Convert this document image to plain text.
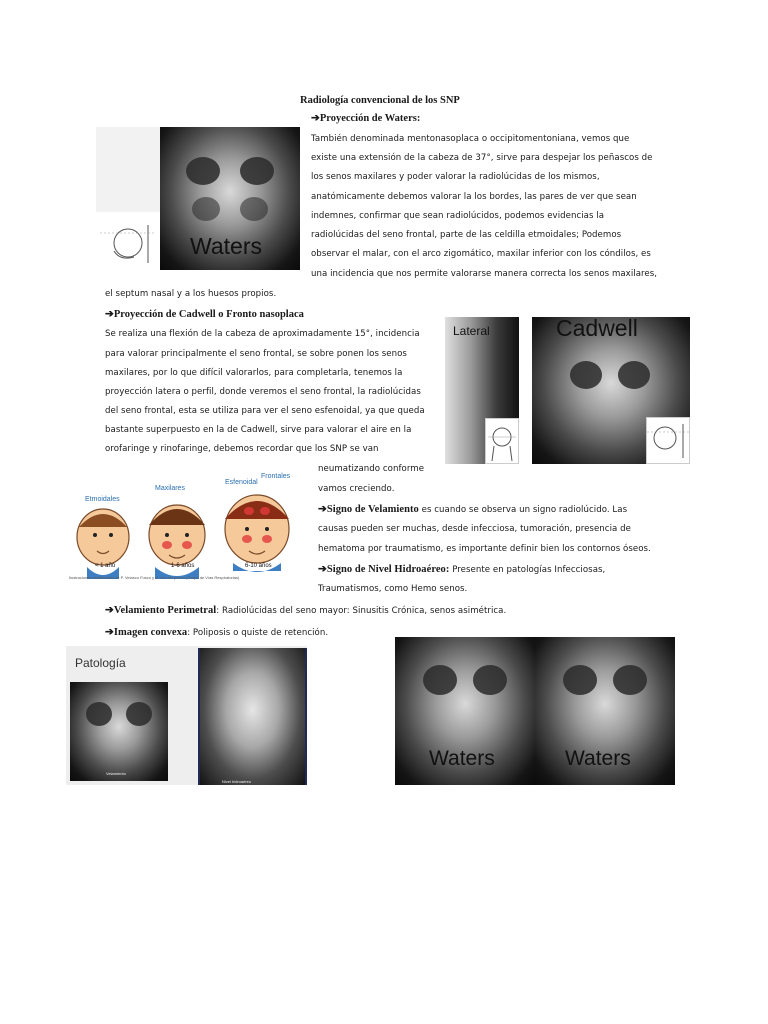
Radiología convencional de los SNP
➔Proyección de Waters:
Waters
También denominada mentonasoplaca o occipitomentoniana, vemos que
existe una extensión de la cabeza de 37°, sirve para despejar los peñascos de
los senos maxilares y poder valorar la radiolúcidas de los mismos,
anatómicamente debemos valorar la los bordes, las pares de ver que sean
indemnes, confirmar que sean radiolúcidos, podemos evidencias la
radiolúcidas del seno frontal, parte de las celdilla etmoidales; Podemos
observar el malar, con el arco zigomático, maxilar inferior con los cóndilos, es
una incidencia que nos permite valorarse manera correcta los senos maxilares,
el septum nasal y a los huesos propios.
➔Proyección de Cadwell o Fronto nasoplaca
Se realiza una flexión de la cabeza de aproximadamente 15°, incidencia
para valorar principalmente el seno frontal, se sobre ponen los senos
maxilares, por lo que difícil valorarlos, para completarla, tenemos la
proyección latera o perfil, donde veremos el seno frontal, la radiolúcidas
del seno frontal, esta se utiliza para ver el seno esfenoidal, ya que queda
bastante superpuesto en la de Cadwell, sirve para valorar el aire en la
orofaringe y rinofaringe, debemos recordar que los SNP se van
neumatizando conforme
vamos creciendo.
Lateral	Cadwell
Etmoidales
Maxilares
Esfenoidal
Frontales
< 1 año	1-6 años	6-10 años
Ilustraciones modificadas de P. Velasco Fusco y V. Leo del poeno (Grupo de Vías Respiratorias)
➔Signo de Velamiento es cuando se observa un signo radiolúcido. Las
causas pueden ser muchas, desde infecciosa, tumoración, presencia de
hematoma por traumatismo, es importante definir bien los contornos óseos.
➔Signo de Nivel Hidroaéreo: Presente en patologías Infecciosas,
Traumatismos, como Hemo senos.
➔Velamiento Perimetral: Radiolúcidas del seno mayor: Sinusitis Crónica, senos asimétrica.
➔Imagen convexa: Poliposis o quiste de retención.
Patología
Velamiento
Nivel hidroaéreo
Waters	Waters
